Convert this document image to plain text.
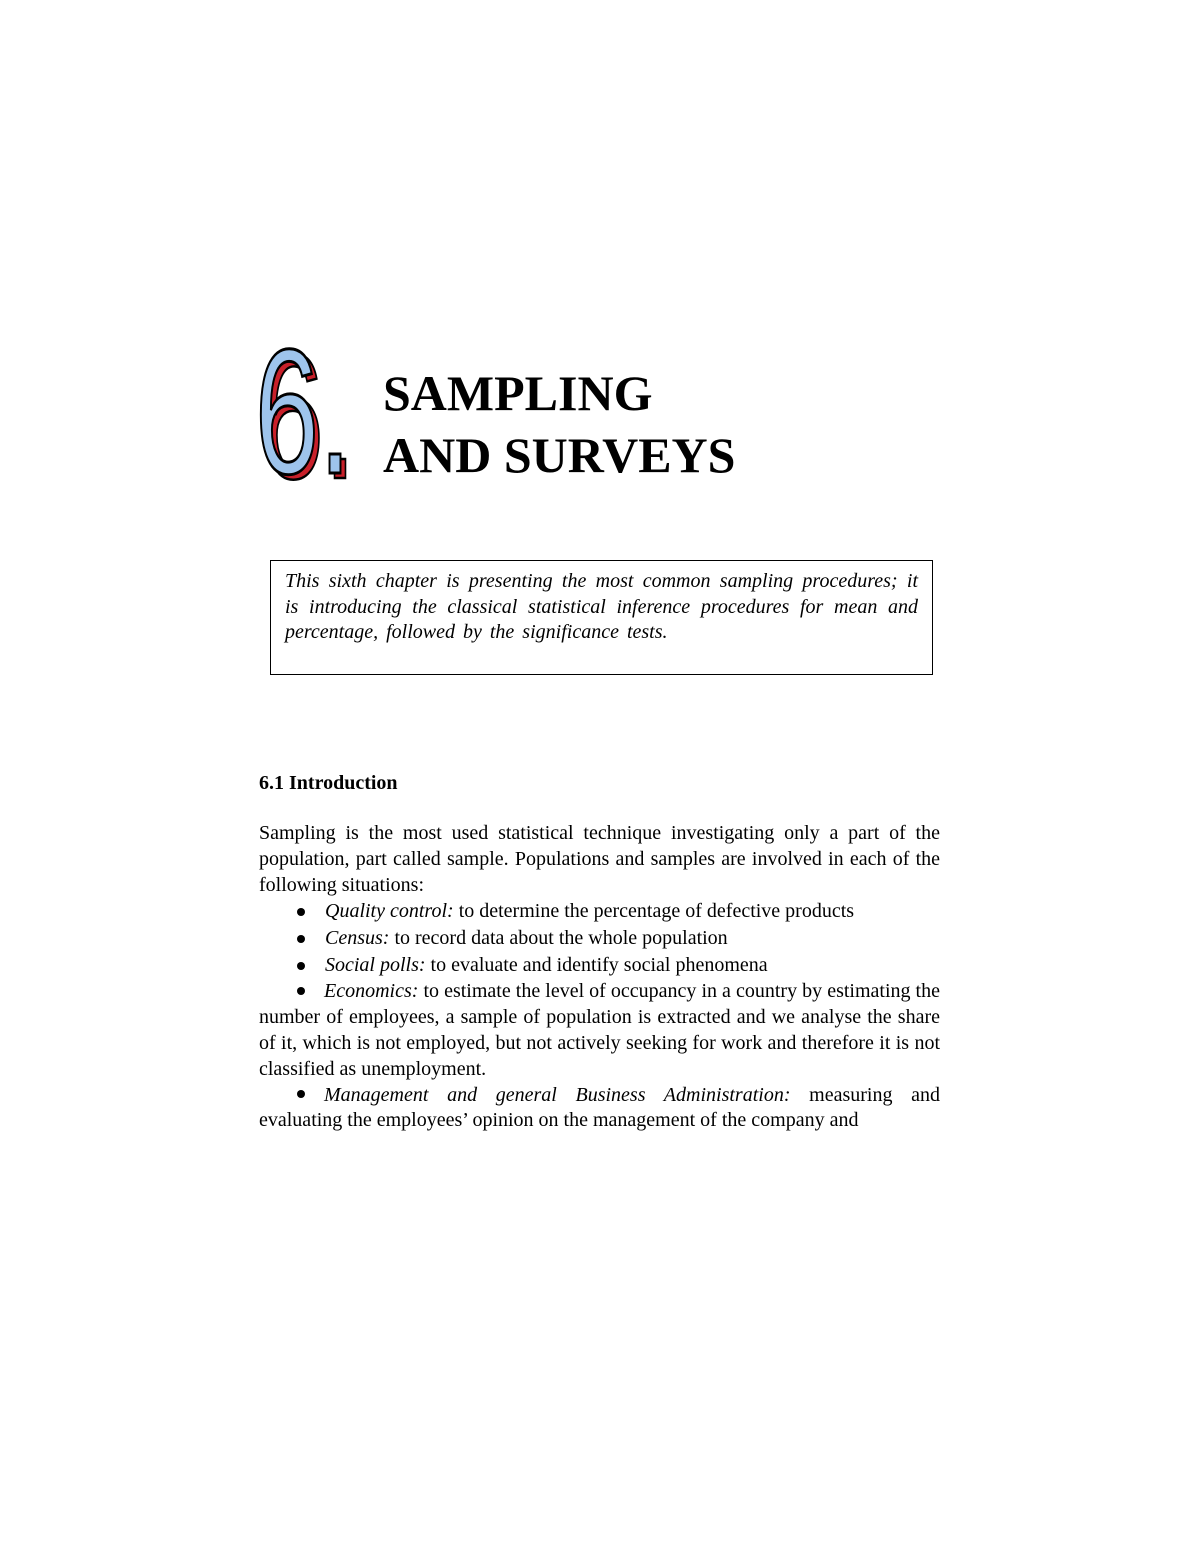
6.
6. SAMPLING
AND SURVEYS

This sixth chapter is presenting the most common sampling procedures; it is introducing the classical statistical inference procedures for mean and percentage, followed by the significance tests.

6.1 Introduction

Sampling is the most used statistical technique investigating only a part of the population, part called sample. Populations and samples are involved in each of the following situations:

Quality control: to determine the percentage of defective products

Census: to record data about the whole population

Social polls: to evaluate and identify social phenomena

Economics: to estimate the level of occupancy in a country by estimating the number of employees, a sample of population is extracted and we analyse the share of it, which is not employed, but not actively seeking for work and therefore it is not classified as unemployment.

Management and general Business Administration: measuring and evaluating the employees’ opinion on the management of the company and
